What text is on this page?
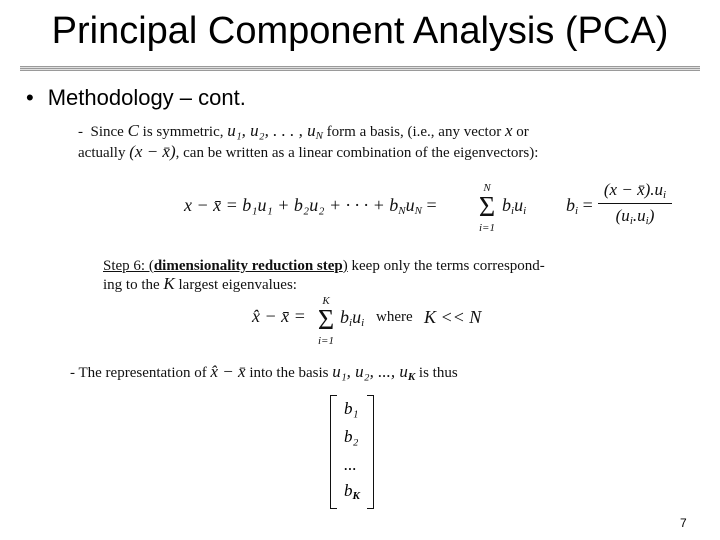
Principal Component Analysis (PCA)
• Methodology – cont.
- Since C is symmetric, u₁, u₂, . . . , $u_N$ form a basis, (i.e., any vector x or
actually (x − x̄), can be written as a linear combination of the eigenvectors):
x − x̄ = b₁u₁ + b₂u₂ + · · · + $b_Nu_N$ =
N
Σ
i=1
$b_iu_i$ $b_i$ =
$(x - x̄).u_i$
$(u_i.u_i)$
Step 6: (dimensionality reduction step) keep only the terms correspond-
ing to the K largest eigenvalues:
x̂ − x̄ =
K
Σ
i=1
$b_iu_i$ where K << N
- The representation of x̂ − x̄ into the basis u₁, u₂, ..., $u_K$ is thus
b₁
b₂
...
$b_K$
7
